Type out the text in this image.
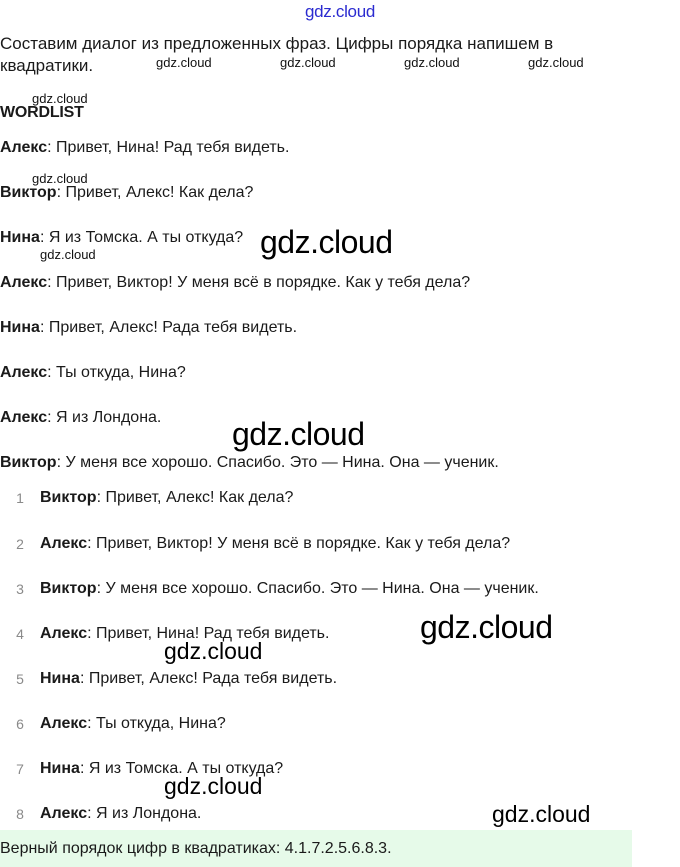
gdz.cloud
Составим диалог из предложенных фраз. Цифры порядка напишем в квадратики.	gdz.cloud	gdz.cloud	gdz.cloud	gdz.cloud
gdz.cloud
gdz.cloud
gdz.cloud
WORDLIST
Алекс: Привет, Нина! Рад тебя видеть.
Виктор: Привет, Алекс! Как дела?
Нина: Я из Томска. А ты откуда?
Алекс: Привет, Виктор! У меня всё в порядке. Как у тебя дела?
Нина: Привет, Алекс! Рада тебя видеть.
Алекс: Ты откуда, Нина?
Алекс: Я из Лондона.
Виктор: У меня все хорошо. Спасибо. Это — Нина. Она — ученик.
gdz.cloud
gdz.cloud
gdz.cloud
1 Виктор: Привет, Алекс! Как дела?
2 Алекс: Привет, Виктор! У меня всё в порядке. Как у тебя дела?
3 Виктор: У меня все хорошо. Спасибо. Это — Нина. Она — ученик.
4 Алекс: Привет, Нина! Рад тебя видеть.
5 Нина: Привет, Алекс! Рада тебя видеть.
6 Алекс: Ты откуда, Нина?
7 Нина: Я из Томска. А ты откуда?
8 Алекс: Я из Лондона.
gdz.cloud
gdz.cloud
gdz.cloud
Верный порядок цифр в квадратиках: 4.1.7.2.5.6.8.3.
